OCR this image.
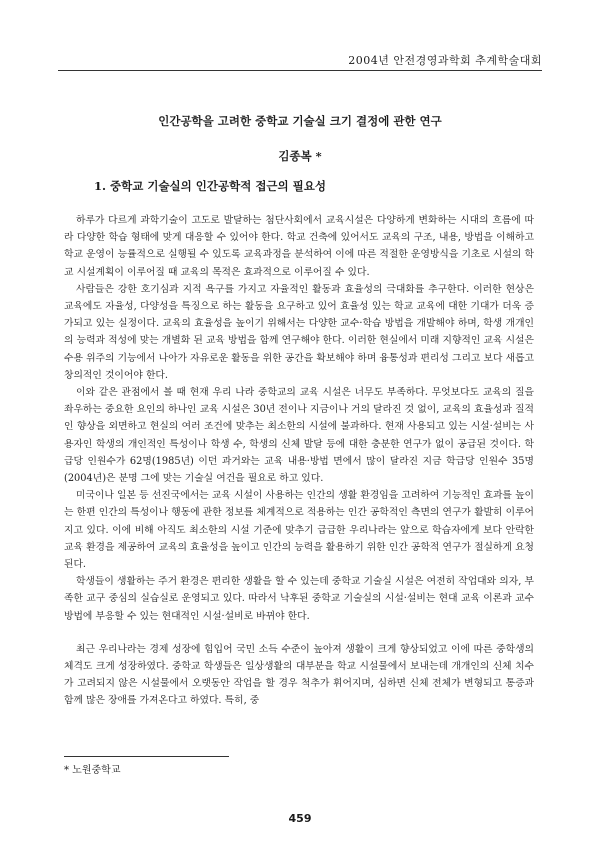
2004년 안전경영과학회 추계학술대회
인간공학을 고려한 중학교 기술실 크기 결정에 관한 연구
김종복 *
1. 중학교 기술실의 인간공학적 접근의 필요성

하루가 다르게 과학기술이 고도로 발달하는 첨단사회에서 교육시설은 다양하게 변화하는 시대의 흐름에 따라 다양한 학습 형태에 맞게 대응할 수 있어야 한다. 학교 건축에 있어서도 교육의 구조, 내용, 방법을 이해하고 학교 운영이 능률적으로 실행될 수 있도록 교육과정을 분석하여 이에 따른 적절한 운영방식을 기초로 시설의 학교 시설계획이 이루어질 때 교육의 목적은 효과적으로 이루어질 수 있다.

사람들은 강한 호기심과 지적 욕구를 가지고 자율적인 활동과 효율성의 극대화를 추구한다. 이러한 현상은 교육에도 자율성, 다양성을 특징으로 하는 활동을 요구하고 있어 효율성 있는 학교 교육에 대한 기대가 더욱 증가되고 있는 실정이다. 교육의 효율성을 높이기 위해서는 다양한 교수·학습 방법을 개발해야 하며, 학생 개개인의 능력과 적성에 맞는 개별화 된 교육 방법을 함께 연구해야 한다. 이러한 현실에서 미래 지향적인 교육 시설은 수용 위주의 기능에서 나아가 자유로운 활동을 위한 공간을 확보해야 하며 융통성과 편리성 그리고 보다 새롭고 창의적인 것이어야 한다.

이와 같은 관점에서 볼 때 현재 우리 나라 중학교의 교육 시설은 너무도 부족하다. 무엇보다도 교육의 질을 좌우하는 중요한 요인의 하나인 교육 시설은 30년 전이나 지금이나 거의 달라진 것 없이, 교육의 효율성과 질적인 향상을 외면하고 현실의 여러 조건에 맞추는 최소한의 시설에 불과하다. 현재 사용되고 있는 시설·설비는 사용자인 학생의 개인적인 특성이나 학생 수, 학생의 신체 발달 등에 대한 충분한 연구가 없이 공급된 것이다. 학급당 인원수가 62명(1985년) 이던 과거와는 교육 내용·방법 면에서 많이 달라진 지금 학급당 인원수 35명(2004년)은 분명 그에 맞는 기술실 여건을 필요로 하고 있다.

미국이나 일본 등 선진국에서는 교육 시설이 사용하는 인간의 생활 환경임을 고려하여 기능적인 효과를 높이는 한편 인간의 특성이나 행동에 관한 정보를 체계적으로 적용하는 인간 공학적인 측면의 연구가 활발히 이루어지고 있다. 이에 비해 아직도 최소한의 시설 기준에 맞추기 급급한 우리나라는 앞으로 학습자에게 보다 안락한 교육 환경을 제공하여 교육의 효율성을 높이고 인간의 능력을 활용하기 위한 인간 공학적 연구가 절실하게 요청된다.

학생들이 생활하는 주거 환경은 편리한 생활을 할 수 있는데 중학교 기술실 시설은 여전히 작업대와 의자, 부족한 교구 중심의 실습실로 운영되고 있다. 따라서 낙후된 중학교 기술실의 시설·설비는 현대 교육 이론과 교수 방법에 부응할 수 있는 현대적인 시설·설비로 바뀌야 한다.

최근 우리나라는 경제 성장에 힘입어 국민 소득 수준이 높아져 생활이 크게 향상되었고 이에 따른 중학생의 체격도 크게 성장하였다. 중학교 학생들은 일상생활의 대부분을 학교 시설물에서 보내는데 개개인의 신체 치수가 고려되지 않은 시설물에서 오랫동안 작업을 할 경우 척추가 휘어지며, 심하면 신체 전체가 변형되고 통증과 함께 많은 장애를 가져온다고 하였다. 특히, 중

* 노원중학교
459
